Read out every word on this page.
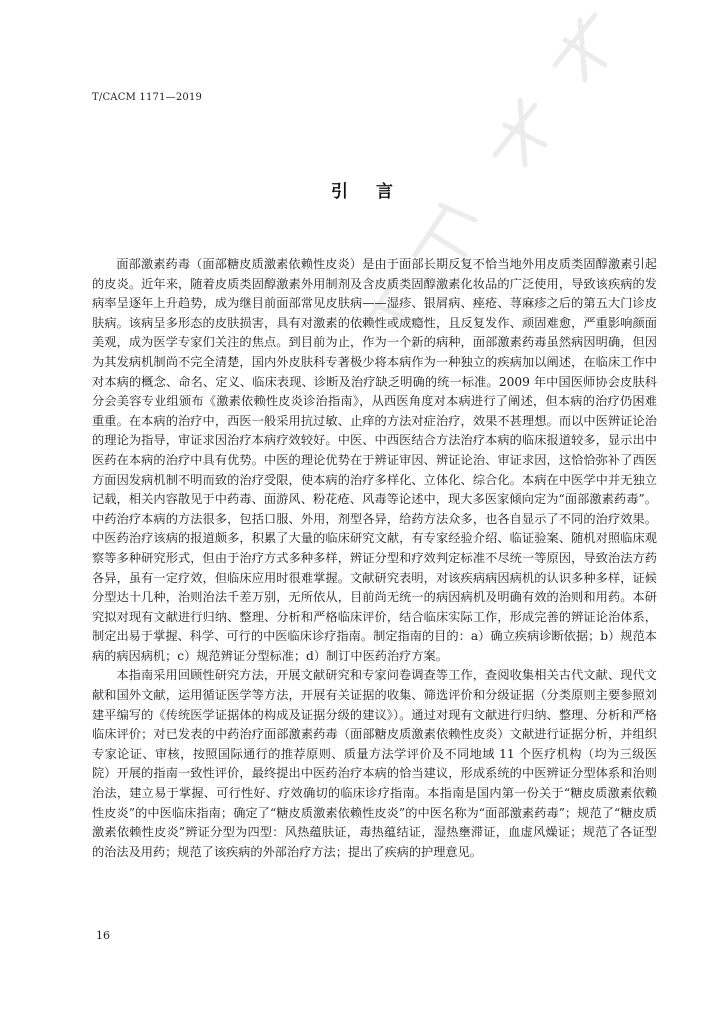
T/CACM 1171—2019
引言

面部激素药毒（面部糖皮质激素依赖性皮炎）是由于面部长期反复不恰当地外用皮质类固醇激素引起的皮炎。近年来，随着皮质类固醇激素外用制剂及含皮质类固醇激素化妆品的广泛使用，导致该疾病的发病率呈逐年上升趋势，成为继目前面部常见皮肤病——湿疹、银屑病、痤疮、荨麻疹之后的第五大门诊皮肤病。该病呈多形态的皮肤损害，具有对激素的依赖性或成瘾性，且反复发作、顽固难愈，严重影响颜面美观，成为医学专家们关注的焦点。到目前为止，作为一个新的病种，面部激素药毒虽然病因明确，但因为其发病机制尚不完全清楚，国内外皮肤科专著极少将本病作为一种独立的疾病加以阐述，在临床工作中对本病的概念、命名、定义、临床表现、诊断及治疗缺乏明确的统一标准。2009 年中国医师协会皮肤科分会美容专业组颁布《激素依赖性皮炎诊治指南》，从西医角度对本病进行了阐述，但本病的治疗仍困难重重。在本病的治疗中，西医一般采用抗过敏、止痒的方法对症治疗，效果不甚理想。而以中医辨证论治的理论为指导，审证求因治疗本病疗效较好。中医、中西医结合方法治疗本病的临床报道较多，显示出中医药在本病的治疗中具有优势。中医的理论优势在于辨证审因、辨证论治、审证求因，这恰恰弥补了西医方面因发病机制不明而致的治疗受限，使本病的治疗多样化、立体化、综合化。本病在中医学中并无独立记载，相关内容散见于中药毒、面游风、粉花疮、风毒等论述中，现大多医家倾向定为“面部激素药毒”。中药治疗本病的方法很多，包括口服、外用，剂型各异，给药方法众多，也各自显示了不同的治疗效果。中医药治疗该病的报道颇多，积累了大量的临床研究文献，有专家经验介绍、临证验案、随机对照临床观察等多种研究形式，但由于治疗方式多种多样，辨证分型和疗效判定标准不尽统一等原因，导致治法方药各异，虽有一定疗效，但临床应用时很难掌握。文献研究表明，对该疾病病因病机的认识多种多样，证候分型达十几种，治则治法千差万别，无所依从，目前尚无统一的病因病机及明确有效的治则和用药。本研究拟对现有文献进行归纳、整理、分析和严格临床评价，结合临床实际工作，形成完善的辨证论治体系，制定出易于掌握、科学、可行的中医临床诊疗指南。制定指南的目的：a）确立疾病诊断依据；b）规范本病的病因病机；c）规范辨证分型标准；d）制订中医药治疗方案。

本指南采用回顾性研究方法，开展文献研究和专家问卷调查等工作，查阅收集相关古代文献、现代文献和国外文献，运用循证医学等方法，开展有关证据的收集、筛选评价和分级证据（分类原则主要参照刘建平编写的《传统医学证据体的构成及证据分级的建议》）。通过对现有文献进行归纳、整理、分析和严格临床评价；对已发表的中药治疗面部激素药毒（面部糖皮质激素依赖性皮炎）文献进行证据分析，并组织专家论证、审核，按照国际通行的推荐原则、质量方法学评价及不同地域 11 个医疗机构（均为三级医院）开展的指南一致性评价，最终提出中医药治疗本病的恰当建议，形成系统的中医辨证分型体系和治则治法，建立易于掌握、可行性好、疗效确切的临床诊疗指南。本指南是国内第一份关于“糖皮质激素依赖性皮炎”的中医临床指南；确定了“糖皮质激素依赖性皮炎”的中医名称为“面部激素药毒”；规范了“糖皮质激素依赖性皮炎”辨证分型为四型：风热蕴肤证，毒热蕴结证，湿热壅滞证，血虚风燥证；规范了各证型的治法及用药；规范了该疾病的外部治疗方法；提出了疾病的护理意见。

16
